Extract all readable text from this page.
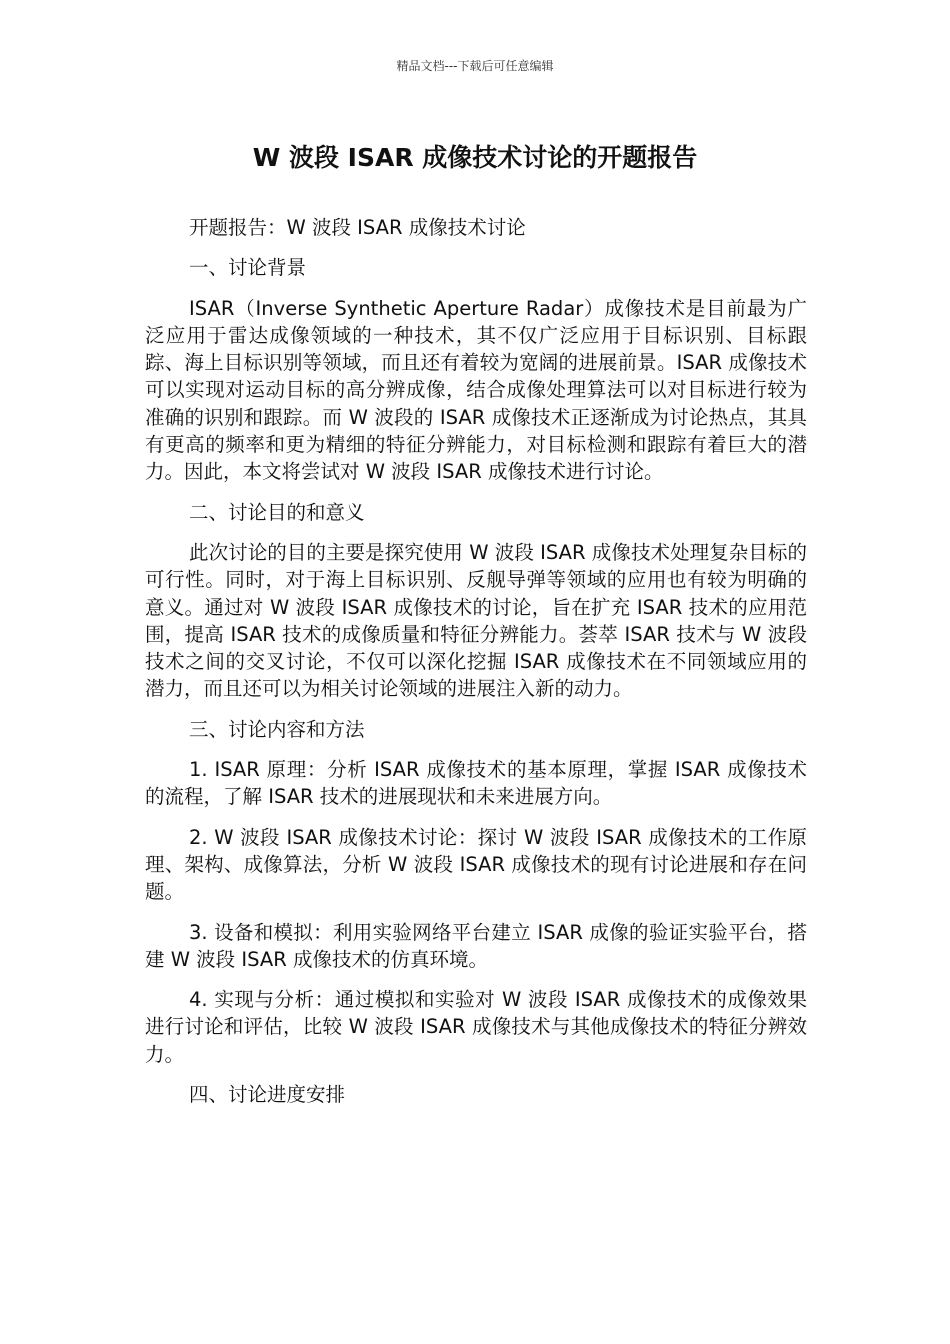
精品文档---下载后可任意编辑
W 波段 ISAR 成像技术讨论的开题报告

开题报告：W 波段 ISAR 成像技术讨论

一、讨论背景

ISAR（Inverse Synthetic Aperture Radar）成像技术是目前最为广泛应用于雷达成像领域的一种技术，其不仅广泛应用于目标识别、目标跟踪、海上目标识别等领域，而且还有着较为宽阔的进展前景。ISAR 成像技术可以实现对运动目标的高分辨成像，结合成像处理算法可以对目标进行较为准确的识别和跟踪。而 W 波段的 ISAR 成像技术正逐渐成为讨论热点，其具有更高的频率和更为精细的特征分辨能力，对目标检测和跟踪有着巨大的潜力。因此，本文将尝试对 W 波段 ISAR 成像技术进行讨论。

二、讨论目的和意义

此次讨论的目的主要是探究使用 W 波段 ISAR 成像技术处理复杂目标的可行性。同时，对于海上目标识别、反舰导弹等领域的应用也有较为明确的意义。通过对 W 波段 ISAR 成像技术的讨论，旨在扩充 ISAR 技术的应用范围，提高 ISAR 技术的成像质量和特征分辨能力。荟萃 ISAR 技术与 W 波段技术之间的交叉讨论，不仅可以深化挖掘 ISAR 成像技术在不同领域应用的潜力，而且还可以为相关讨论领域的进展注入新的动力。

三、讨论内容和方法

1. ISAR 原理：分析 ISAR 成像技术的基本原理，掌握 ISAR 成像技术的流程，了解 ISAR 技术的进展现状和未来进展方向。

2. W 波段 ISAR 成像技术讨论：探讨 W 波段 ISAR 成像技术的工作原理、架构、成像算法，分析 W 波段 ISAR 成像技术的现有讨论进展和存在问题。

3. 设备和模拟：利用实验网络平台建立 ISAR 成像的验证实验平台，搭建 W 波段 ISAR 成像技术的仿真环境。

4. 实现与分析：通过模拟和实验对 W 波段 ISAR 成像技术的成像效果进行讨论和评估，比较 W 波段 ISAR 成像技术与其他成像技术的特征分辨效力。

四、讨论进度安排
